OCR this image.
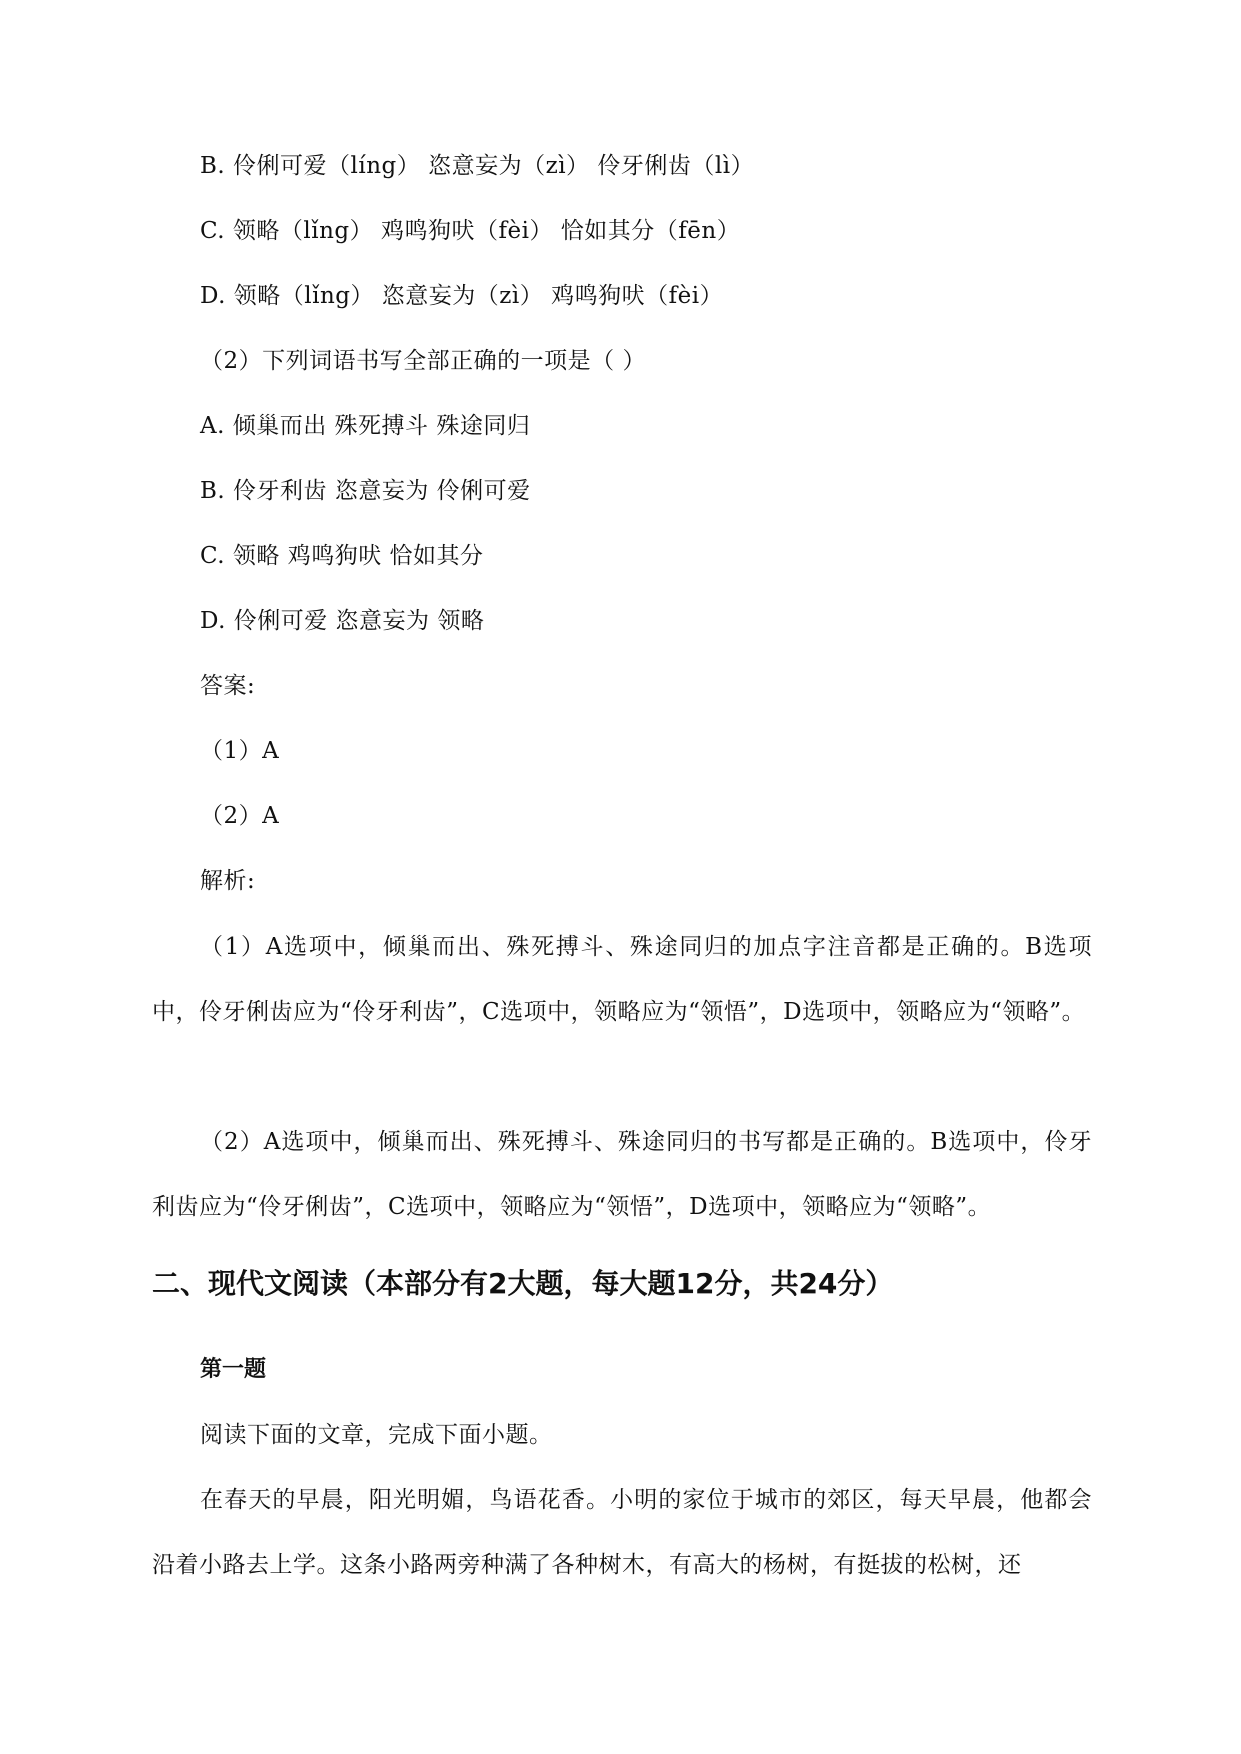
B. 伶俐可爱（líng） 恣意妄为（zì） 伶牙俐齿（lì）
C. 领略（lǐng） 鸡鸣狗吠（fèi） 恰如其分（fēn）
D. 领略（lǐng） 恣意妄为（zì） 鸡鸣狗吠（fèi）
（2）下列词语书写全部正确的一项是（ ）
A. 倾巢而出 殊死搏斗 殊途同归
B. 伶牙利齿 恣意妄为 伶俐可爱
C. 领略 鸡鸣狗吠 恰如其分
D. 伶俐可爱 恣意妄为 领略
答案:
（1）A
（2）A
解析:
（1）A选项中，倾巢而出、殊死搏斗、殊途同归的加点字注音都是正确的。B选项中，伶牙俐齿应为“伶牙利齿”，C选项中，领略应为“领悟”，D选项中，领略应为“领略”。
（2）A选项中，倾巢而出、殊死搏斗、殊途同归的书写都是正确的。B选项中，伶牙利齿应为“伶牙俐齿”，C选项中，领略应为“领悟”，D选项中，领略应为“领略”。
二、现代文阅读（本部分有2大题，每大题12分，共24分）
第一题
阅读下面的文章，完成下面小题。
在春天的早晨，阳光明媚，鸟语花香。小明的家位于城市的郊区，每天早晨，他都会沿着小路去上学。这条小路两旁种满了各种树木，有高大的杨树，有挺拔的松树，还
